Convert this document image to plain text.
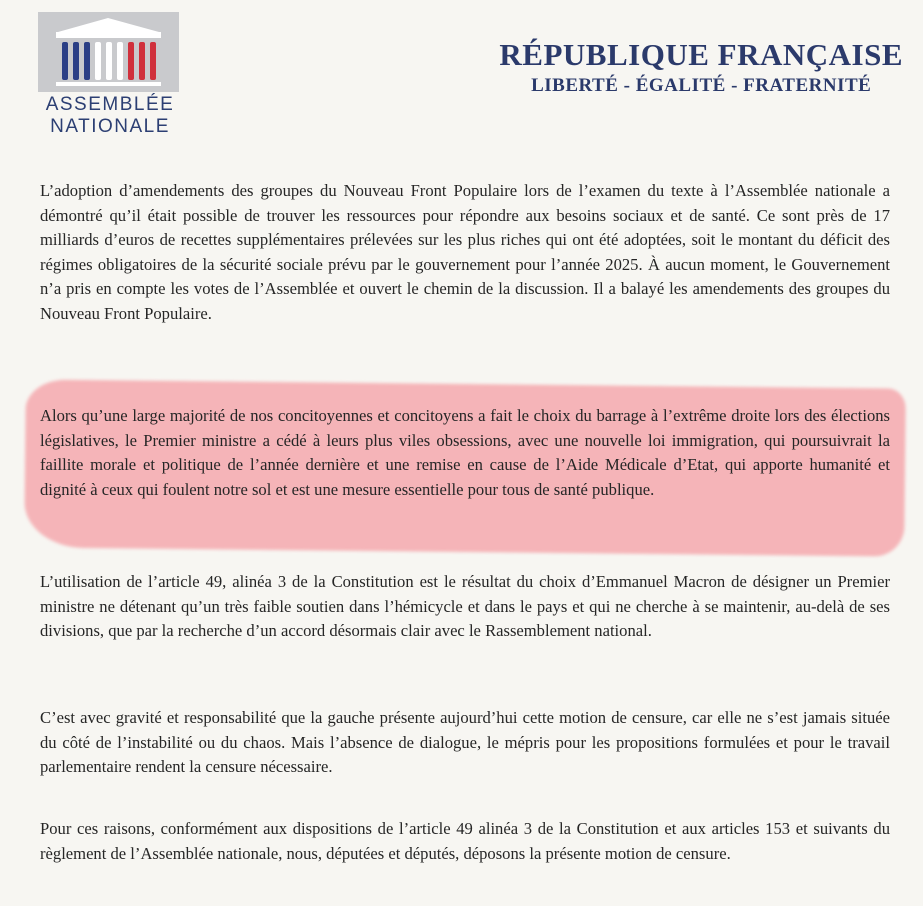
ASSEMBLÉE
NATIONALE
RÉPUBLIQUE FRANÇAISE
LIBERTÉ - ÉGALITÉ - FRATERNITÉ
L’adoption d’amendements des groupes du Nouveau Front Populaire lors de l’examen du texte à l’Assemblée nationale a démontré qu’il était possible de trouver les ressources pour répondre aux besoins sociaux et de santé. Ce sont près de 17 milliards d’euros de recettes supplémentaires prélevées sur les plus riches qui ont été adoptées, soit le montant du déficit des régimes obligatoires de la sécurité sociale prévu par le gouvernement pour l’année 2025. À aucun moment, le Gouvernement n’a pris en compte les votes de l’Assemblée et ouvert le chemin de la discussion. Il a balayé les amendements des groupes du Nouveau Front Populaire.
Alors qu’une large majorité de nos concitoyennes et concitoyens a fait le choix du barrage à l’extrême droite lors des élections législatives, le Premier ministre a cédé à leurs plus viles obsessions, avec une nouvelle loi immigration, qui poursuivrait la faillite morale et politique de l’année dernière et une remise en cause de l’Aide Médicale d’Etat, qui apporte humanité et dignité à ceux qui foulent notre sol et est une mesure essentielle pour tous de santé publique.
L’utilisation de l’article 49, alinéa 3 de la Constitution est le résultat du choix d’Emmanuel Macron de désigner un Premier ministre ne détenant qu’un très faible soutien dans l’hémicycle et dans le pays et qui ne cherche à se maintenir, au-delà de ses divisions, que par la recherche d’un accord désormais clair avec le Rassemblement national.
C’est avec gravité et responsabilité que la gauche présente aujourd’hui cette motion de censure, car elle ne s’est jamais située du côté de l’instabilité ou du chaos. Mais l’absence de dialogue, le mépris pour les propositions formulées et pour le travail parlementaire rendent la censure nécessaire.
Pour ces raisons, conformément aux dispositions de l’article 49 alinéa 3 de la Constitution et aux articles 153 et suivants du règlement de l’Assemblée nationale, nous, députées et députés, déposons la présente motion de censure.
